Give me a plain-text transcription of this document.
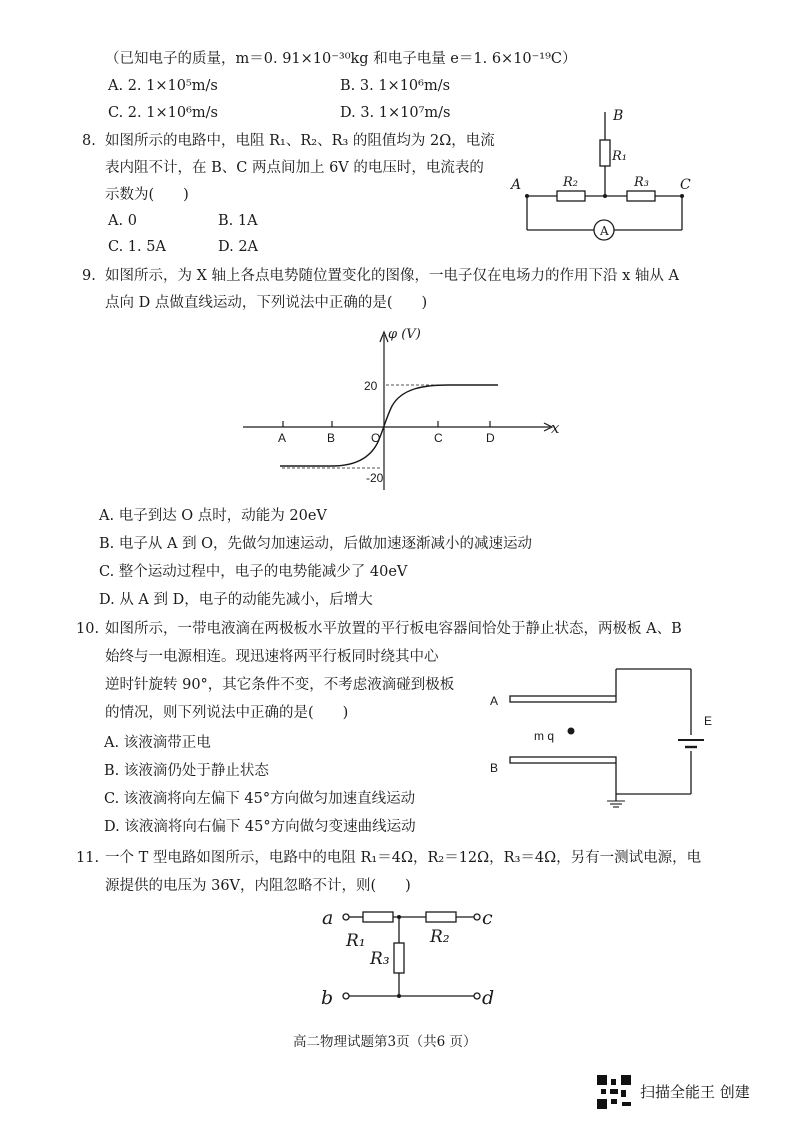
（已知电子的质量，m＝0. 91×10⁻³⁰kg 和电子电量 e＝1. 6×10⁻¹⁹C）
A. 2. 1×10⁵m/s	B. 3. 1×10⁶m/s
C. 2. 1×10⁶m/s	D. 3. 1×10⁷m/s
8. 如图所示的电路中，电阻 R₁、R₂、R₃ 的阻值均为 2Ω，电流
表内阻不计，在 B、C 两点间加上 6V 的电压时，电流表的
示数为(　　)
A. 0	B. 1A
C. 1. 5A	D. 2A
B
R₁
A	C
R₂	R₃
A
9. 如图所示，为 X 轴上各点电势随位置变化的图像，一电子仅在电场力的作用下沿 x 轴从 A
点向 D 点做直线运动，下列说法中正确的是(　　)
φ (V)
x
20
-20
A	B	O	C	D
A. 电子到达 O 点时，动能为 20eV
B. 电子从 A 到 O，先做匀加速运动，后做加速逐渐减小的减速运动
C. 整个运动过程中，电子的电势能减少了 40eV
D. 从 A 到 D，电子的动能先减小，后增大
10. 如图所示，一带电液滴在两极板水平放置的平行板电容器间恰处于静止状态，两极板 A、B
始终与一电源相连。现迅速将两平行板同时绕其中心
逆时针旋转 90°，其它条件不变，不考虑液滴碰到极板
的情况，则下列说法中正确的是(　　)
A. 该液滴带正电
B. 该液滴仍处于静止状态
C. 该液滴将向左偏下 45°方向做匀加速直线运动
D. 该液滴将向右偏下 45°方向做匀变速曲线运动
A
B
E
m q
11. 一个 T 型电路如图所示，电路中的电阻 R₁＝4Ω，R₂＝12Ω，R₃＝4Ω，另有一测试电源，电
源提供的电压为 36V，内阻忽略不计，则(　　)
a	c
b	d
R₁	R₂
R₃
高二物理试题第3页（共6 页）
扫描全能王 创建
